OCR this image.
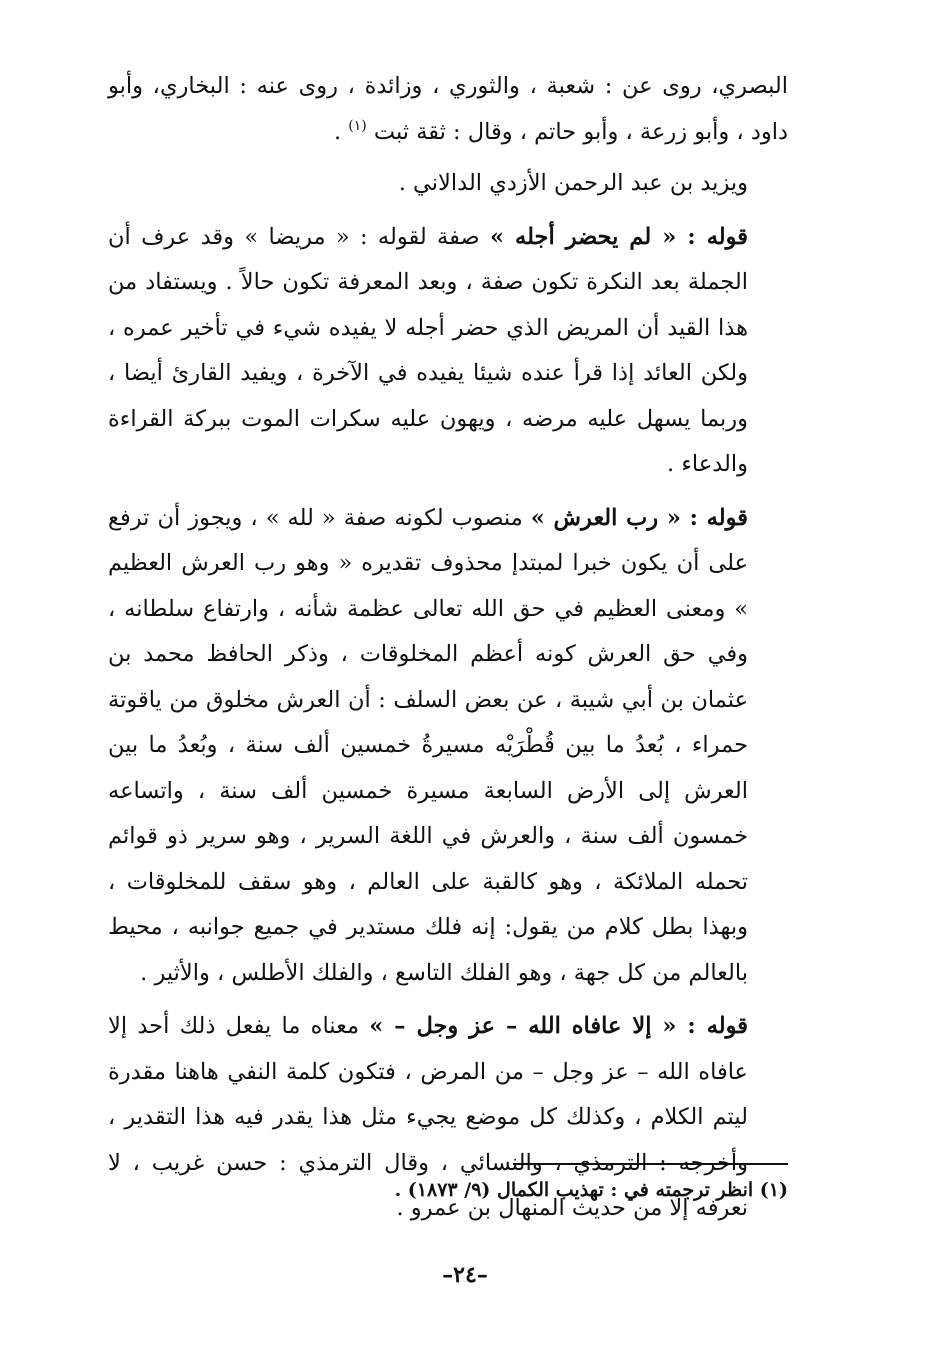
البصري، روى عن : شعبة ، والثوري ، وزائدة ، روى عنه : البخاري، وأبو داود ، وأبو زرعة ، وأبو حاتم ، وقال : ثقة ثبت $^{(١)}$ .

ويزيد بن عبد الرحمن الأزدي الدالاني .

قوله : « لم يحضر أجله » صفة لقوله : « مريضا » وقد عرف أن الجملة بعد النكرة تكون صفة ، وبعد المعرفة تكون حالاً . ويستفاد من هذا القيد أن المريض الذي حضر أجله لا يفيده شيء في تأخير عمره ، ولكن العائد إذا قرأ عنده شيئا يفيده في الآخرة ، ويفيد القارئ أيضا ، وربما يسهل عليه مرضه ، ويهون عليه سكرات الموت ببركة القراءة والدعاء .

قوله : « رب العرش » منصوب لكونه صفة « لله » ، ويجوز أن ترفع على أن يكون خبرا لمبتدإ محذوف تقديره « وهو رب العرش العظيم » ومعنى العظيم في حق الله تعالى عظمة شأنه ، وارتفاع سلطانه ، وفي حق العرش كونه أعظم المخلوقات ، وذكر الحافظ محمد بن عثمان بن أبي شيبة ، عن بعض السلف : أن العرش مخلوق من ياقوتة حمراء ، بُعدُ ما بين قُطْرَيْه مسيرةُ خمسين ألف سنة ، وبُعدُ ما بين العرش إلى الأرض السابعة مسيرة خمسين ألف سنة ، واتساعه خمسون ألف سنة ، والعرش في اللغة السرير ، وهو سرير ذو قوائم تحمله الملائكة ، وهو كالقبة على العالم ، وهو سقف للمخلوقات ، وبهذا بطل كلام من يقول: إنه فلك مستدير في جميع جوانبه ، محيط بالعالم من كل جهة ، وهو الفلك التاسع ، والفلك الأطلس ، والأثير .

قوله : « إلا عافاه الله – عز وجل – » معناه ما يفعل ذلك أحد إلا عافاه الله – عز وجل – من المرض ، فتكون كلمة النفي هاهنا مقدرة ليتم الكلام ، وكذلك كل موضع يجيء مثل هذا يقدر فيه هذا التقدير ، وأخرجه : الترمذي ، والنسائي ، وقال الترمذي : حسن غريب ، لا نعرفه إلا من حديث المنهال بن عمرو .

(١) انظر ترجمته في : تهذيب الكمال (٩/ ١٨٧٣) .
–٢٤–
